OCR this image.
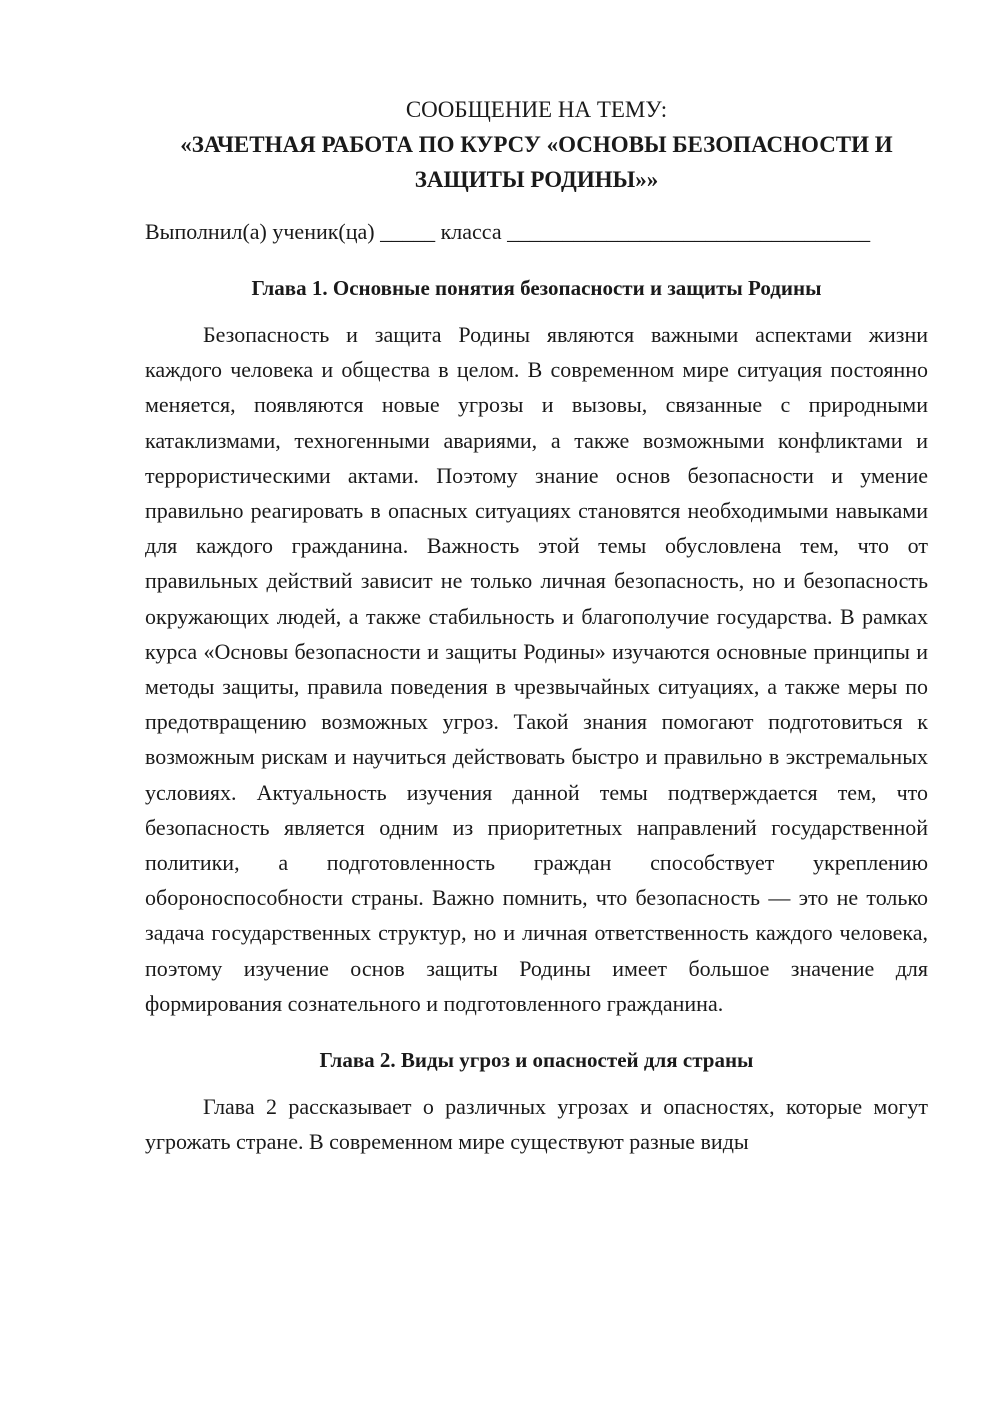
СООБЩЕНИЕ НА ТЕМУ:

«ЗАЧЕТНАЯ РАБОТА ПО КУРСУ «ОСНОВЫ БЕЗОПАСНОСТИ И ЗАЩИТЫ РОДИНЫ»»

Выполнил(а) ученик(ца) _____ класса _________________________________

Глава 1. Основные понятия безопасности и защиты Родины

Безопасность и защита Родины являются важными аспектами жизни каждого человека и общества в целом. В современном мире ситуация постоянно меняется, появляются новые угрозы и вызовы, связанные с природными катаклизмами, техногенными авариями, а также возможными конфликтами и террористическими актами. Поэтому знание основ безопасности и умение правильно реагировать в опасных ситуациях становятся необходимыми навыками для каждого гражданина. Важность этой темы обусловлена тем, что от правильных действий зависит не только личная безопасность, но и безопасность окружающих людей, а также стабильность и благополучие государства. В рамках курса «Основы безопасности и защиты Родины» изучаются основные принципы и методы защиты, правила поведения в чрезвычайных ситуациях, а также меры по предотвращению возможных угроз. Такой знания помогают подготовиться к возможным рискам и научиться действовать быстро и правильно в экстремальных условиях. Актуальность изучения данной темы подтверждается тем, что безопасность является одним из приоритетных направлений государственной политики, а подготовленность граждан способствует укреплению обороноспособности страны. Важно помнить, что безопасность — это не только задача государственных структур, но и личная ответственность каждого человека, поэтому изучение основ защиты Родины имеет большое значение для формирования сознательного и подготовленного гражданина.

Глава 2. Виды угроз и опасностей для страны

Глава 2 рассказывает о различных угрозах и опасностях, которые могут угрожать стране. В современном мире существуют разные виды
